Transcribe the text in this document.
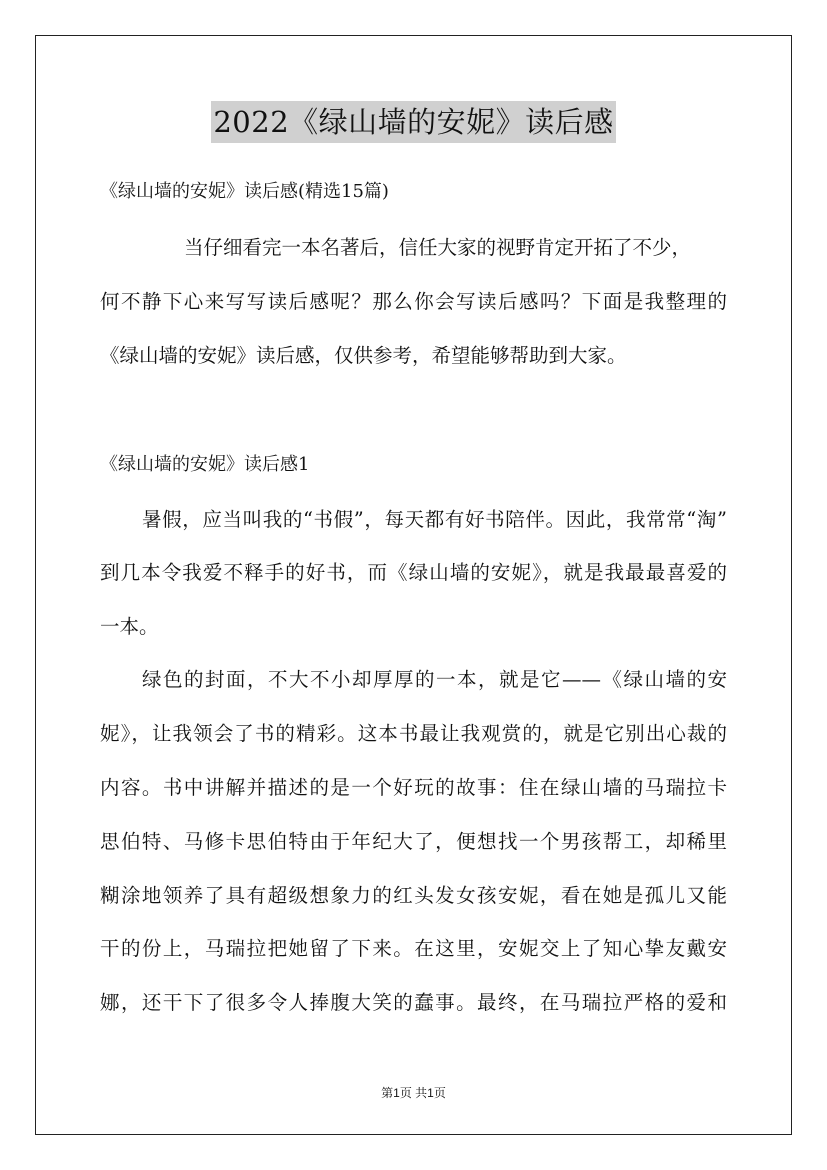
2022《绿山墙的安妮》读后感
《绿山墙的安妮》读后感(精选15篇)
当仔细看完一本名著后，信任大家的视野肯定开拓了不少，
何不静下心来写写读后感呢？那么你会写读后感吗？下面是我整理的
《绿山墙的安妮》读后感，仅供参考，希望能够帮助到大家。
《绿山墙的安妮》读后感1
暑假，应当叫我的“书假”，每天都有好书陪伴。因此，我常常“淘”
到几本令我爱不释手的好书，而《绿山墙的安妮》，就是我最最喜爱的
一本。
绿色的封面，不大不小却厚厚的一本，就是它——《绿山墙的安
妮》，让我领会了书的精彩。这本书最让我观赏的，就是它别出心裁的
内容。书中讲解并描述的是一个好玩的故事：住在绿山墙的马瑞拉卡
思伯特、马修卡思伯特由于年纪大了，便想找一个男孩帮工，却稀里
糊涂地领养了具有超级想象力的红头发女孩安妮，看在她是孤儿又能
干的份上，马瑞拉把她留了下来。在这里，安妮交上了知心挚友戴安
娜，还干下了很多令人捧腹大笑的蠢事。最终，在马瑞拉严格的爱和
第1页 共1页
